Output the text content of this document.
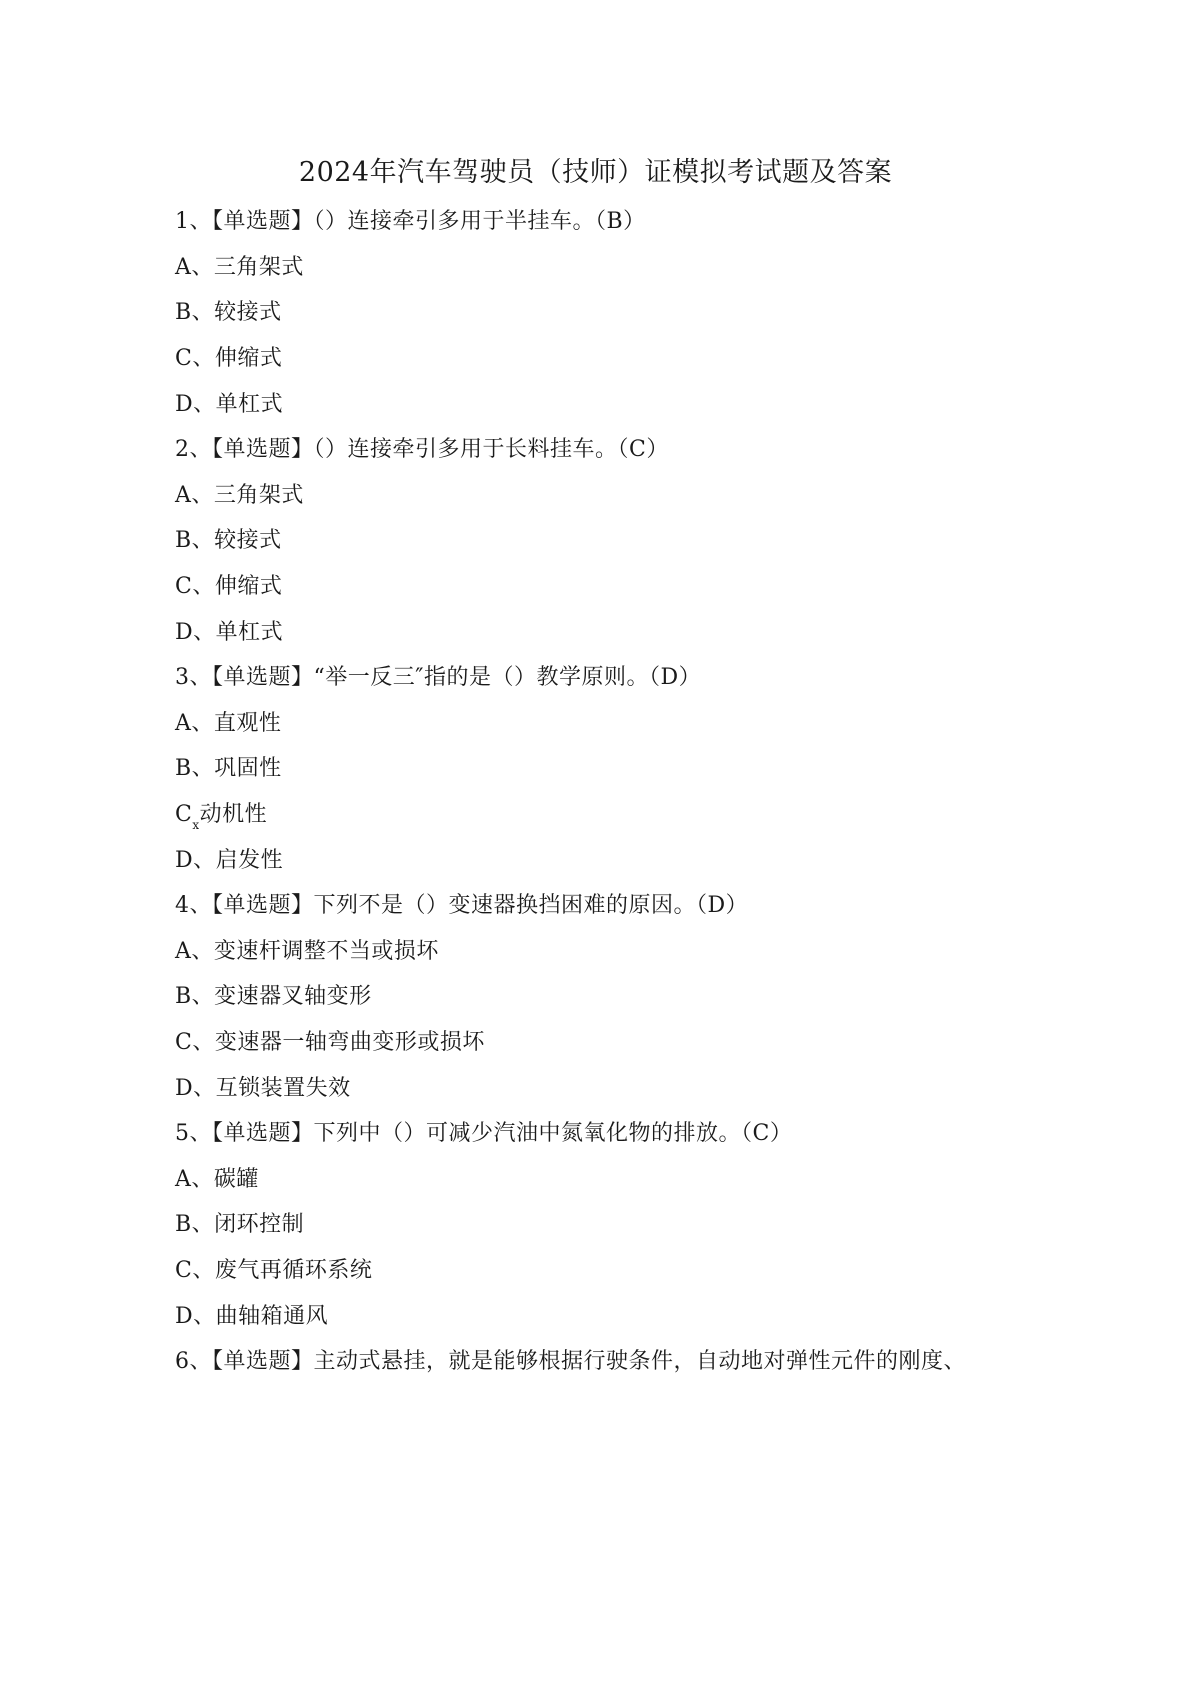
2024年汽车驾驶员（技师）证模拟考试题及答案
1、【单选题】（）连接牵引多用于半挂车。（B）
A、三角架式
B、较接式
C、伸缩式
D、单杠式
2、【单选题】（）连接牵引多用于长料挂车。（C）
A、三角架式
B、较接式
C、伸缩式
D、单杠式
3、【单选题】“举一反三″指的是（）教学原则。（D）
A、直观性
B、巩固性
$C_x$动机性
D、启发性
4、【单选题】下列不是（）变速器换挡困难的原因。（D）
A、变速杆调整不当或损坏
B、变速器叉轴变形
C、变速器一轴弯曲变形或损坏
D、互锁装置失效
5、【单选题】下列中（）可减少汽油中氮氧化物的排放。（C）
A、碳罐
B、闭环控制
C、废气再循环系统
D、曲轴箱通风
6、【单选题】主动式悬挂，就是能够根据行驶条件，自动地对弹性元件的刚度、
